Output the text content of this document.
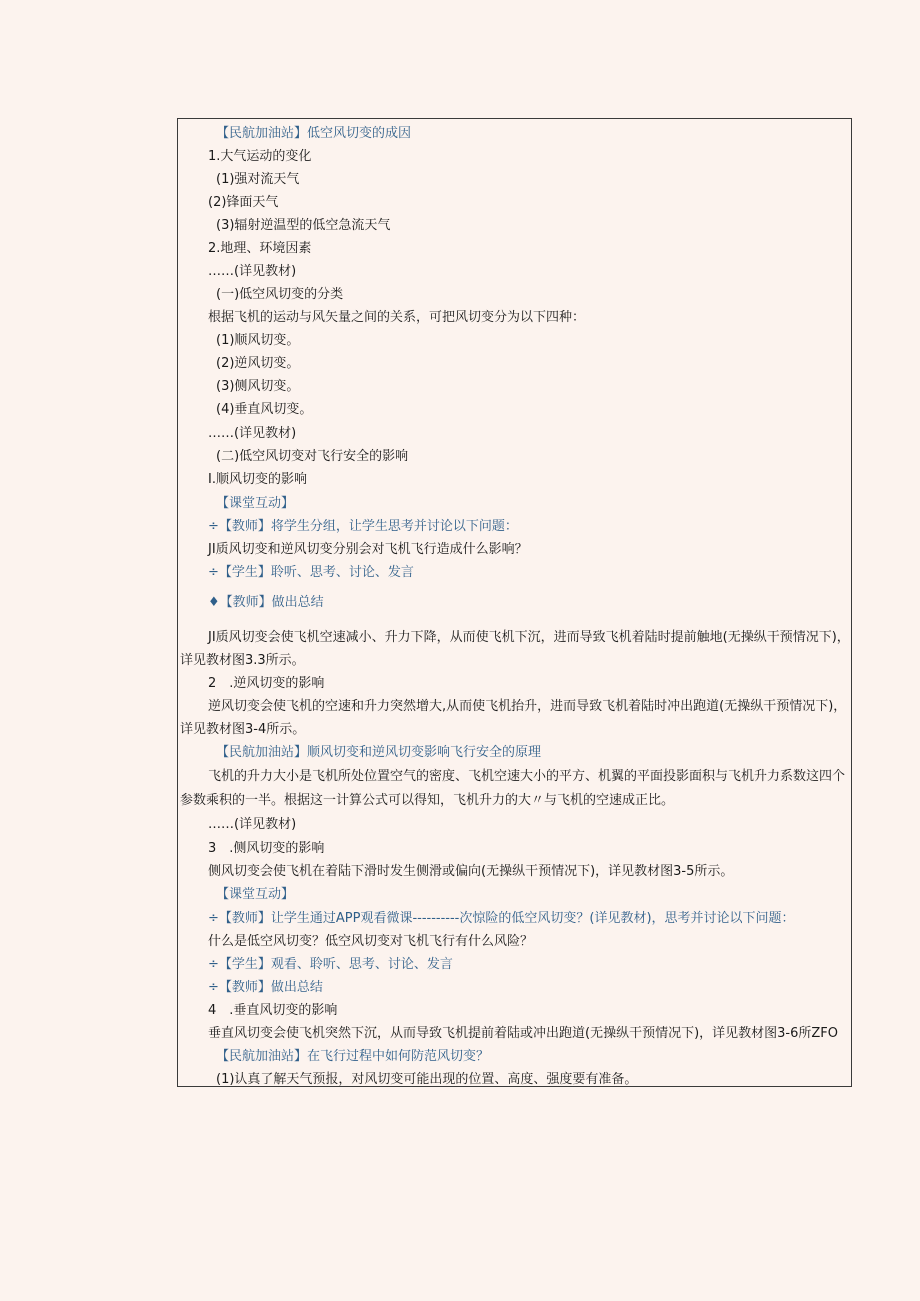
【民航加油站】低空风切变的成因
1.大气运动的变化
(1)强对流天气
(2)锋面天气
(3)辐射逆温型的低空急流天气
2.地理、环境因素
……(详见教材)
(一)低空风切变的分类
根据飞机的运动与风矢量之间的关系，可把风切变分为以下四种：
(1)顺风切变。
(2)逆风切变。
(3)侧风切变。
(4)垂直风切变。
……(详见教材)
(二)低空风切变对飞行安全的影响
I.顺风切变的影响
【课堂互动】
÷【教师】将学生分组，让学生思考并讨论以下问题：
JI质风切变和逆风切变分别会对飞机飞行造成什么影响？
÷【学生】聆听、思考、讨论、发言
♦【教师】做出总结
JI质风切变会使飞机空速减小、升力下降，从而使飞机下沉，进而导致飞机着陆时提前触地(无操纵干预情况下)，
详见教材图3.3所示。
2　.逆风切变的影响
逆风切变会使飞机的空速和升力突然增大,从而使飞机抬升，进而导致飞机着陆时冲出跑道(无操纵干预情况下)，
详见教材图3-4所示。
【民航加油站】顺风切变和逆风切变影响飞行安全的原理
飞机的升力大小是飞机所处位置空气的密度、飞机空速大小的平方、机翼的平面投影面积与飞机升力系数这四个
参数乘积的一半。根据这一计算公式可以得知，飞机升力的大〃与飞机的空速成正比。
……(详见教材)
3　.侧风切变的影响
侧风切变会使飞机在着陆下滑时发生侧滑或偏向(无操纵干预情况下)，详见教材图3-5所示。
【课堂互动】
÷【教师】让学生通过APP观看微课----------次惊险的低空风切变？(详见教材)，思考并讨论以下问题：
什么是低空风切变？低空风切变对飞机飞行有什么风险？
÷【学生】观看、聆听、思考、讨论、发言
÷【教师】做出总结
4　.垂直风切变的影响
垂直风切变会使飞机突然下沉，从而导致飞机提前着陆或冲出跑道(无操纵干预情况下)，详见教材图3-6所ZFO
【民航加油站】在飞行过程中如何防范风切变？
(1)认真了解天气预报，对风切变可能出现的位置、高度、强度要有准备。
